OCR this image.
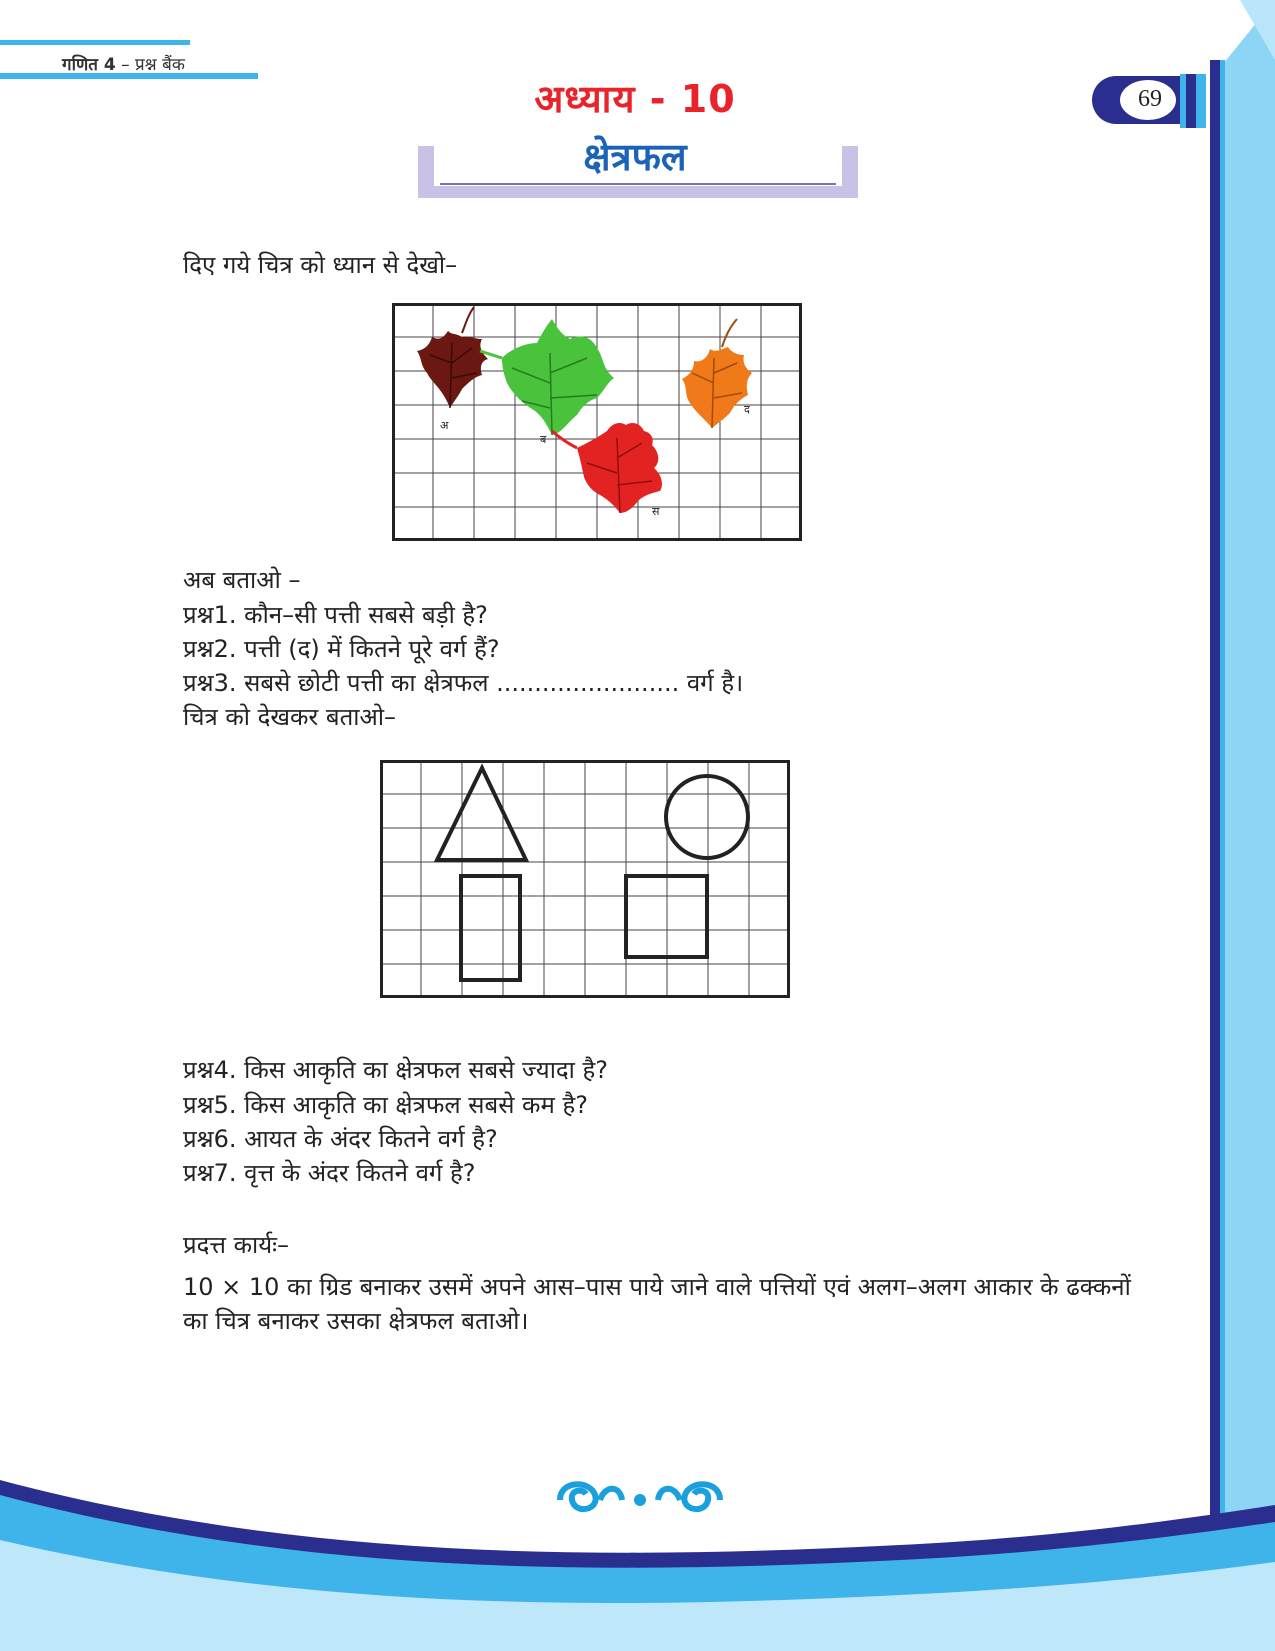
गणित 4 – प्रश्न बैंक
69
अध्याय - 10
क्षेत्रफल
दिए गये चित्र को ध्यान से देखो–
अ
ब
स
द
अब बताओ –
प्रश्न1. कौन–सी पत्ती सबसे बड़ी है?
प्रश्न2. पत्ती (द) में कितने पूरे वर्ग हैं?
प्रश्न3. सबसे छोटी पत्ती का क्षेत्रफल ........................ वर्ग है।
चित्र को देखकर बताओ–
प्रश्न4. किस आकृति का क्षेत्रफल सबसे ज्यादा है?
प्रश्न5. किस आकृति का क्षेत्रफल सबसे कम है?
प्रश्न6. आयत के अंदर कितने वर्ग है?
प्रश्न7. वृत्त के अंदर कितने वर्ग है?
प्रदत्त कार्यः–
10 × 10 का ग्रिड बनाकर उसमें अपने आस–पास पाये जाने वाले पत्तियों एवं अलग–अलग आकार के ढक्कनों का चित्र बनाकर उसका क्षेत्रफल बताओ।
